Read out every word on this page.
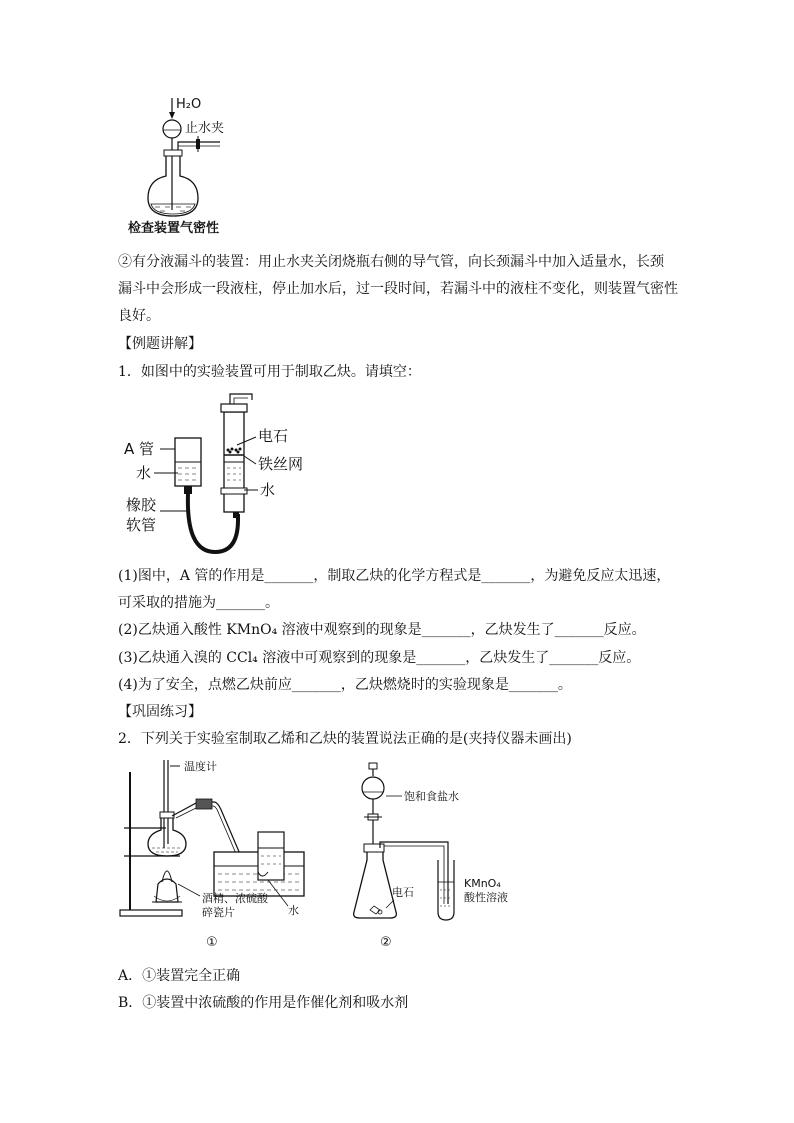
H₂O
止水夹
检查装置气密性
②有分液漏斗的装置：用止水夹关闭烧瓶右侧的导气管，向长颈漏斗中加入适量水，长颈
漏斗中会形成一段液柱，停止加水后，过一段时间，若漏斗中的液柱不变化，则装置气密性
良好。
【例题讲解】
1．如图中的实验装置可用于制取乙炔。请填空：
A 管
水
橡胶
软管
电石
铁丝网
水
(1)图中，A 管的作用是_______，制取乙炔的化学方程式是_______，为避免反应太迅速，
可采取的措施为_______。
(2)乙炔通入酸性 KMnO₄ 溶液中观察到的现象是_______，乙炔发生了_______反应。
(3)乙炔通入溴的 CCl₄ 溶液中可观察到的现象是_______，乙炔发生了_______反应。
(4)为了安全，点燃乙炔前应_______，乙炔燃烧时的实验现象是_______。
【巩固练习】
2．下列关于实验室制取乙烯和乙炔的装置说法正确的是(夹持仪器未画出)
温度计
酒精、浓硫酸
碎瓷片	水
①
饱和食盐水
电石
KMnO₄
酸性溶液
②
A．①装置完全正确
B．①装置中浓硫酸的作用是作催化剂和吸水剂
